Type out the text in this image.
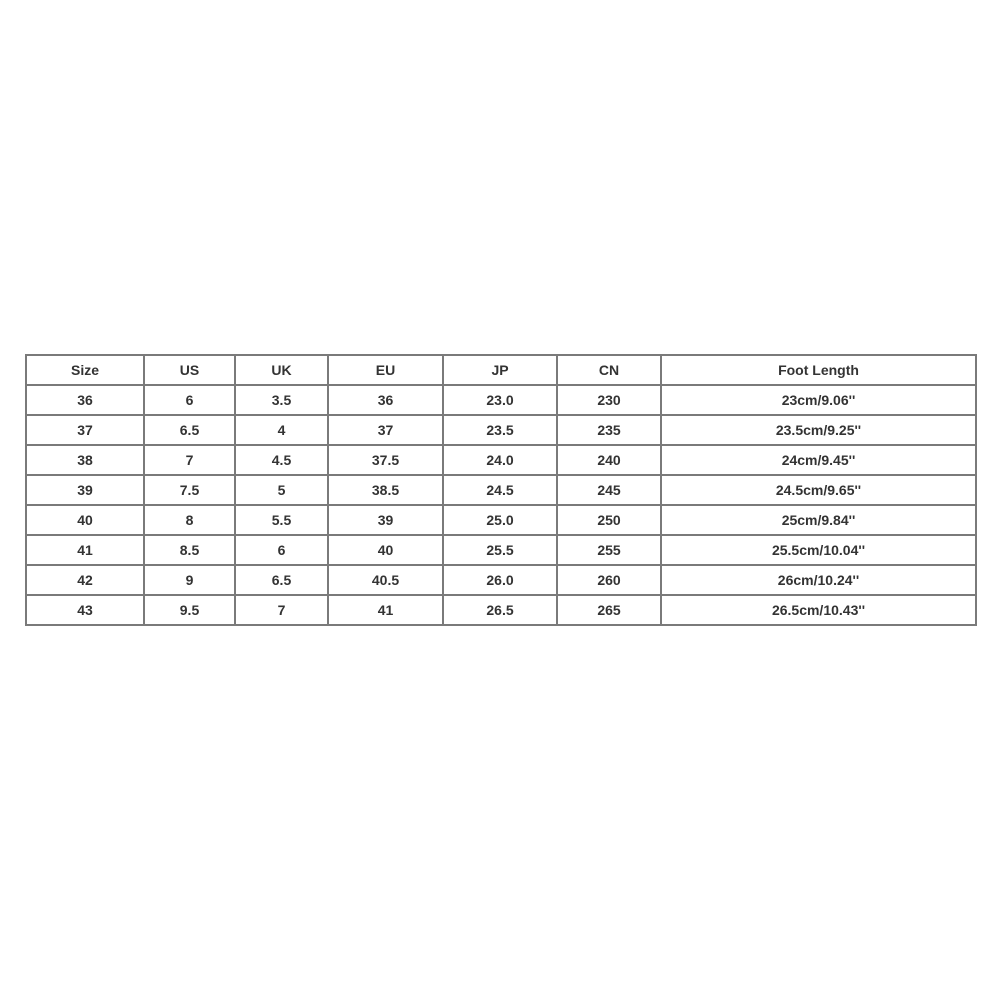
Size	US	UK	EU	JP	CN	Foot Length
36	6	3.5	36	23.0	230	23cm/9.06''
37	6.5	4	37	23.5	235	23.5cm/9.25''
38	7	4.5	37.5	24.0	240	24cm/9.45''
39	7.5	5	38.5	24.5	245	24.5cm/9.65''
40	8	5.5	39	25.0	250	25cm/9.84''
41	8.5	6	40	25.5	255	25.5cm/10.04''
42	9	6.5	40.5	26.0	260	26cm/10.24''
43	9.5	7	41	26.5	265	26.5cm/10.43''
